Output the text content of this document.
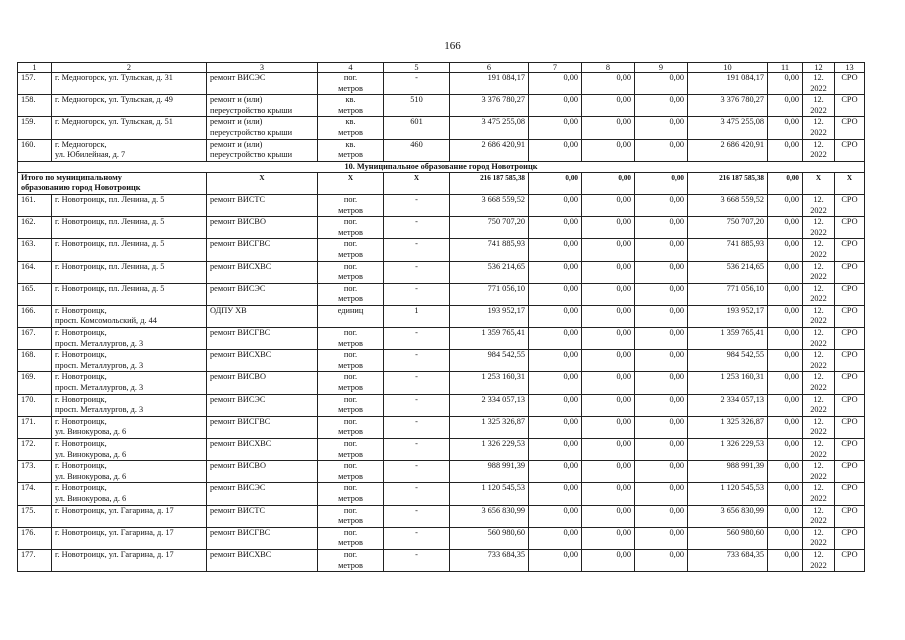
166
1	2	3	4	5	6	7	8	9	10	11	12	13
157.	г. Медногорск, ул. Тульская, д. 31	ремонт ВИСЭС	пог.
метров	-	191 084,17	0,00	0,00	0,00	191 084,17	0,00	12.
2022	СРО
158.	г. Медногорск, ул. Тульская, д. 49	ремонт и (или)
переустройство крыши	кв.
метров	510	3 376 780,27	0,00	0,00	0,00	3 376 780,27	0,00	12.
2022	СРО
159.	г. Медногорск, ул. Тульская, д. 51	ремонт и (или)
переустройство крыши	кв.
метров	601	3 475 255,08	0,00	0,00	0,00	3 475 255,08	0,00	12.
2022	СРО
160.	г. Медногорск,
ул. Юбилейная, д. 7	ремонт и (или)
переустройство крыши	кв.
метров	460	2 686 420,91	0,00	0,00	0,00	2 686 420,91	0,00	12.
2022	СРО
10. Муниципальное образование город Новотроицк												
Итого по муниципальному
образованию город Новотроицк		Х	Х	Х	216 187 585,38	0,00	0,00	0,00	216 187 585,38	0,00	Х	Х
161.	г. Новотроицк, пл. Ленина, д. 5	ремонт ВИСТС	пог.
метров	-	3 668 559,52	0,00	0,00	0,00	3 668 559,52	0,00	12.
2022	СРО
162.	г. Новотроицк, пл. Ленина, д. 5	ремонт ВИСВО	пог.
метров	-	750 707,20	0,00	0,00	0,00	750 707,20	0,00	12.
2022	СРО
163.	г. Новотроицк, пл. Ленина, д. 5	ремонт ВИСГВС	пог.
метров	-	741 885,93	0,00	0,00	0,00	741 885,93	0,00	12.
2022	СРО
164.	г. Новотроицк, пл. Ленина, д. 5	ремонт ВИСХВС	пог.
метров	-	536 214,65	0,00	0,00	0,00	536 214,65	0,00	12.
2022	СРО
165.	г. Новотроицк, пл. Ленина, д. 5	ремонт ВИСЭС	пог.
метров	-	771 056,10	0,00	0,00	0,00	771 056,10	0,00	12.
2022	СРО
166.	г. Новотроицк,
просп. Комсомольский, д. 44	ОДПУ ХВ	единиц	1	193 952,17	0,00	0,00	0,00	193 952,17	0,00	12.
2022	СРО
167.	г. Новотроицк,
просп. Металлургов, д. 3	ремонт ВИСГВС	пог.
метров	-	1 359 765,41	0,00	0,00	0,00	1 359 765,41	0,00	12.
2022	СРО
168.	г. Новотроицк,
просп. Металлургов, д. 3	ремонт ВИСХВС	пог.
метров	-	984 542,55	0,00	0,00	0,00	984 542,55	0,00	12.
2022	СРО
169.	г. Новотроицк,
просп. Металлургов, д. 3	ремонт ВИСВО	пог.
метров	-	1 253 160,31	0,00	0,00	0,00	1 253 160,31	0,00	12.
2022	СРО
170.	г. Новотроицк,
просп. Металлургов, д. 3	ремонт ВИСЭС	пог.
метров	-	2 334 057,13	0,00	0,00	0,00	2 334 057,13	0,00	12.
2022	СРО
171.	г. Новотроицк,
ул. Винокурова, д. 6	ремонт ВИСГВС	пог.
метров	-	1 325 326,87	0,00	0,00	0,00	1 325 326,87	0,00	12.
2022	СРО
172.	г. Новотроицк,
ул. Винокурова, д. 6	ремонт ВИСХВС	пог.
метров	-	1 326 229,53	0,00	0,00	0,00	1 326 229,53	0,00	12.
2022	СРО
173.	г. Новотроицк,
ул. Винокурова, д. 6	ремонт ВИСВО	пог.
метров	-	988 991,39	0,00	0,00	0,00	988 991,39	0,00	12.
2022	СРО
174.	г. Новотроицк,
ул. Винокурова, д. 6	ремонт ВИСЭС	пог.
метров	-	1 120 545,53	0,00	0,00	0,00	1 120 545,53	0,00	12.
2022	СРО
175.	г. Новотроицк, ул. Гагарина, д. 17	ремонт ВИСТС	пог.
метров	-	3 656 830,99	0,00	0,00	0,00	3 656 830,99	0,00	12.
2022	СРО
176.	г. Новотроицк, ул. Гагарина, д. 17	ремонт ВИСГВС	пог.
метров	-	560 980,60	0,00	0,00	0,00	560 980,60	0,00	12.
2022	СРО
177.	г. Новотроицк, ул. Гагарина, д. 17	ремонт ВИСХВС	пог.
метров	-	733 684,35	0,00	0,00	0,00	733 684,35	0,00	12.
2022	СРО
